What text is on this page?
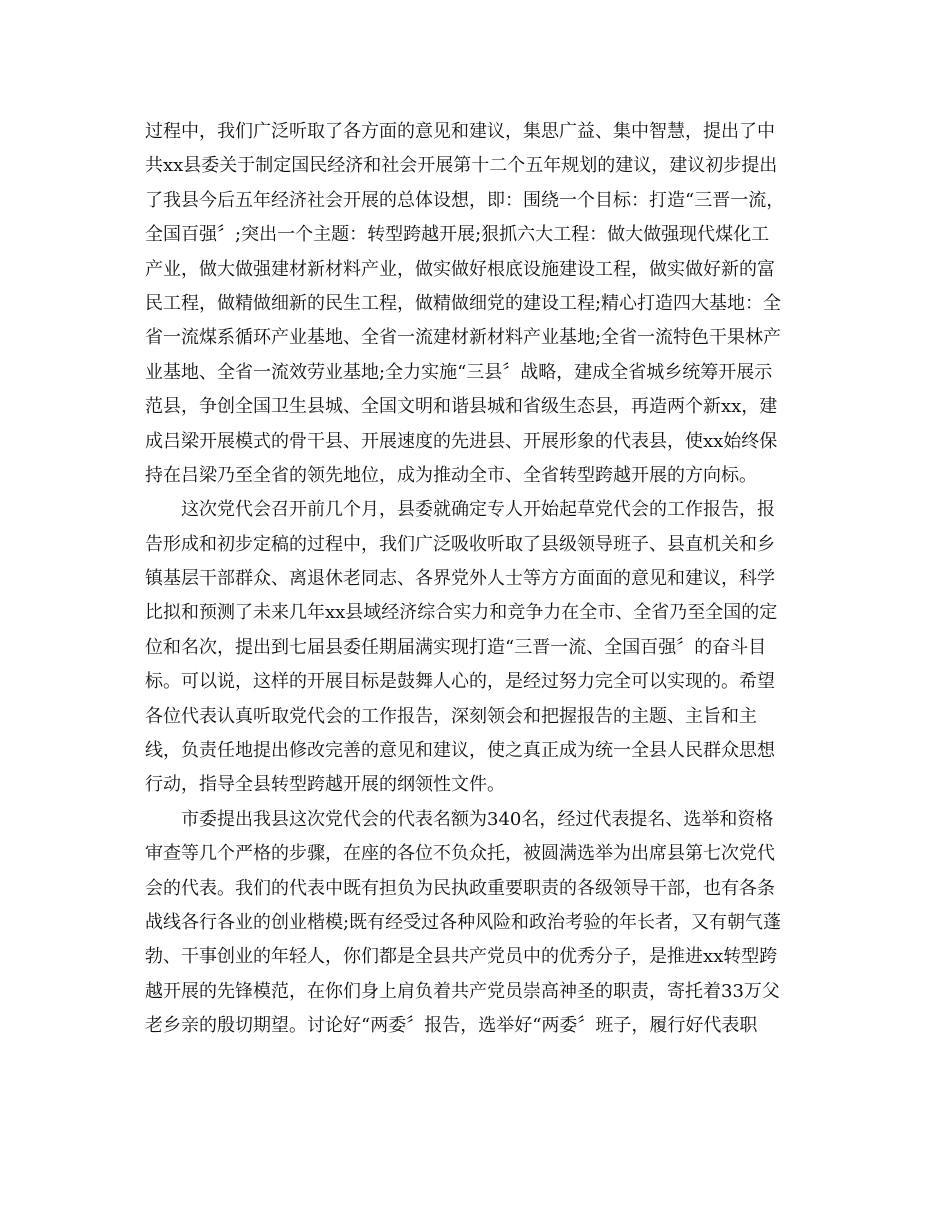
过程中，我们广泛听取了各方面的意见和建议，集思广益、集中智慧，提出了中
共xx县委关于制定国民经济和社会开展第十二个五年规划的建议，建议初步提出
了我县今后五年经济社会开展的总体设想，即：围绕一个目标：打造“三晋一流，
全国百强〞;突出一个主题：转型跨越开展;狠抓六大工程：做大做强现代煤化工
产业，做大做强建材新材料产业，做实做好根底设施建设工程，做实做好新的富
民工程，做精做细新的民生工程，做精做细党的建设工程;精心打造四大基地：全
省一流煤系循环产业基地、全省一流建材新材料产业基地;全省一流特色干果林产
业基地、全省一流效劳业基地;全力实施“三县〞战略，建成全省城乡统筹开展示
范县，争创全国卫生县城、全国文明和谐县城和省级生态县，再造两个新xx，建
成吕梁开展模式的骨干县、开展速度的先进县、开展形象的代表县，使xx始终保
持在吕梁乃至全省的领先地位，成为推动全市、全省转型跨越开展的方向标。
　　这次党代会召开前几个月，县委就确定专人开始起草党代会的工作报告，报
告形成和初步定稿的过程中，我们广泛吸收听取了县级领导班子、县直机关和乡
镇基层干部群众、离退休老同志、各界党外人士等方方面面的意见和建议，科学
比拟和预测了未来几年xx县域经济综合实力和竞争力在全市、全省乃至全国的定
位和名次，提出到七届县委任期届满实现打造“三晋一流、全国百强〞的奋斗目
标。可以说，这样的开展目标是鼓舞人心的，是经过努力完全可以实现的。希望
各位代表认真听取党代会的工作报告，深刻领会和把握报告的主题、主旨和主
线，负责任地提出修改完善的意见和建议，使之真正成为统一全县人民群众思想
行动，指导全县转型跨越开展的纲领性文件。
　　市委提出我县这次党代会的代表名额为340名，经过代表提名、选举和资格
审查等几个严格的步骤，在座的各位不负众托，被圆满选举为出席县第七次党代
会的代表。我们的代表中既有担负为民执政重要职责的各级领导干部，也有各条
战线各行各业的创业楷模;既有经受过各种风险和政治考验的年长者，又有朝气蓬
勃、干事创业的年轻人，你们都是全县共产党员中的优秀分子，是推进xx转型跨
越开展的先锋模范，在你们身上肩负着共产党员崇高神圣的职责，寄托着33万父
老乡亲的殷切期望。讨论好“两委〞报告，选举好“两委〞班子，履行好代表职
